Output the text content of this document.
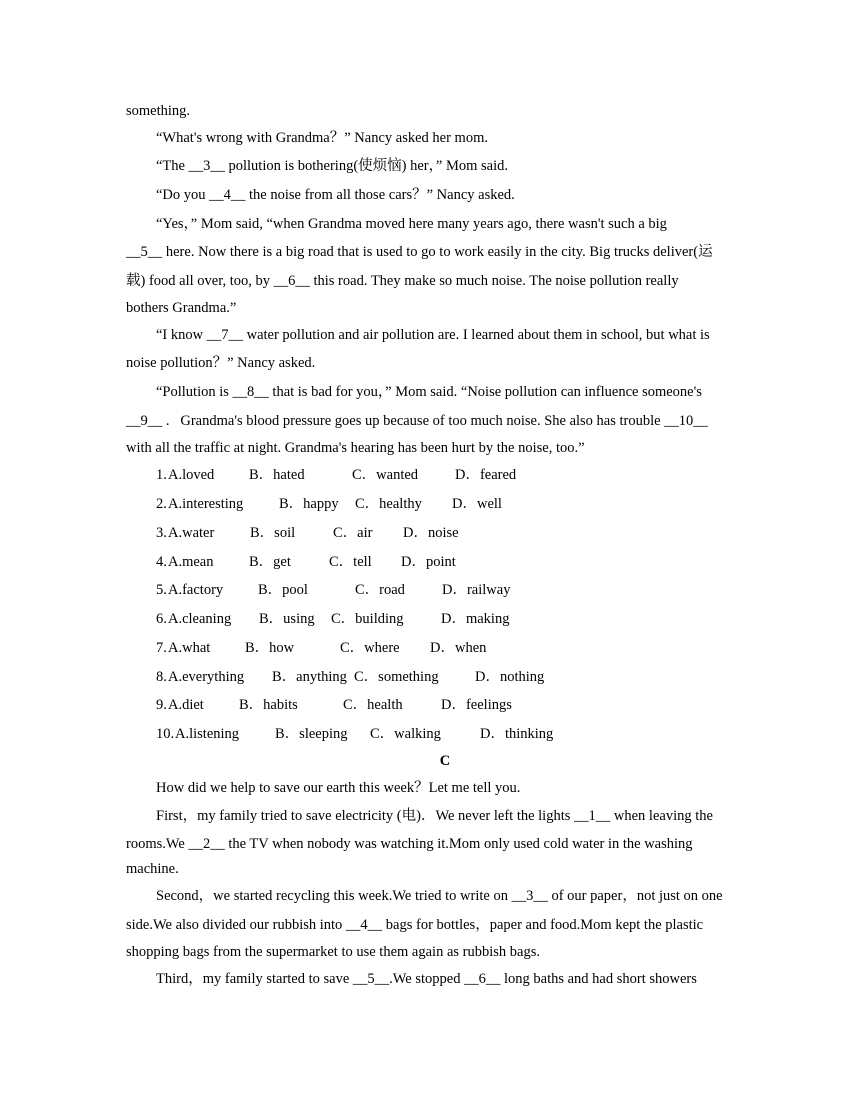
something.
“What's wrong with Grandma？” Nancy asked her mom.
“The __3__ pollution is bothering(使烦恼) her，” Mom said.
“Do you __4__ the noise from all those cars？” Nancy asked.
“Yes，” Mom said, “when Grandma moved here many years ago, there wasn't such a big
__5__ here. Now there is a big road that is used to go to work easily in the city. Big trucks deliver(运
载) food all over, too, by __6__ this road. They make so much noise. The noise pollution really
bothers Grandma.”
“I know __7__ water pollution and air pollution are. I learned about them in school, but what is
noise pollution？” Nancy asked.
“Pollution is __8__ that is bad for you，” Mom said. “Noise pollution can influence someone's
__9__ .   Grandma's blood pressure goes up because of too much noise. She also has trouble __10__
with all the traffic at night. Grandma's hearing has been hurt by the noise, too.”
1. A.loved B．hated	C．wanted	D．feared
2. A.interesting B．happy C．healthy D．well
3. A.water B．soil	C．air D．noise
4. A.mean B．get	C．tell D．point
5. A.factory B．pool	C．road	D．railway
6. A.cleaning B．using C．building	D．making
7. A.what B．how	C．where D．when
8. A.everything B．anything C．something	D．nothing
9. A.diet B．habits	C．health	D．feelings
10. A.listening B．sleeping C．walking	D．thinking
C
How did we help to save our earth this week？Let me tell you.
First，my family tried to save electricity (电)．We never left the lights __1__ when leaving the
rooms.We __2__ the TV when nobody was watching it.Mom only used cold water in the washing
machine.
Second，we started recycling this week.We tried to write on __3__ of our paper，not just on one
side.We also divided our rubbish into __4__ bags for bottles，paper and food.Mom kept the plastic
shopping bags from the supermarket to use them again as rubbish bags.
Third，my family started to save __5__.We stopped __6__ long baths and had short showers
